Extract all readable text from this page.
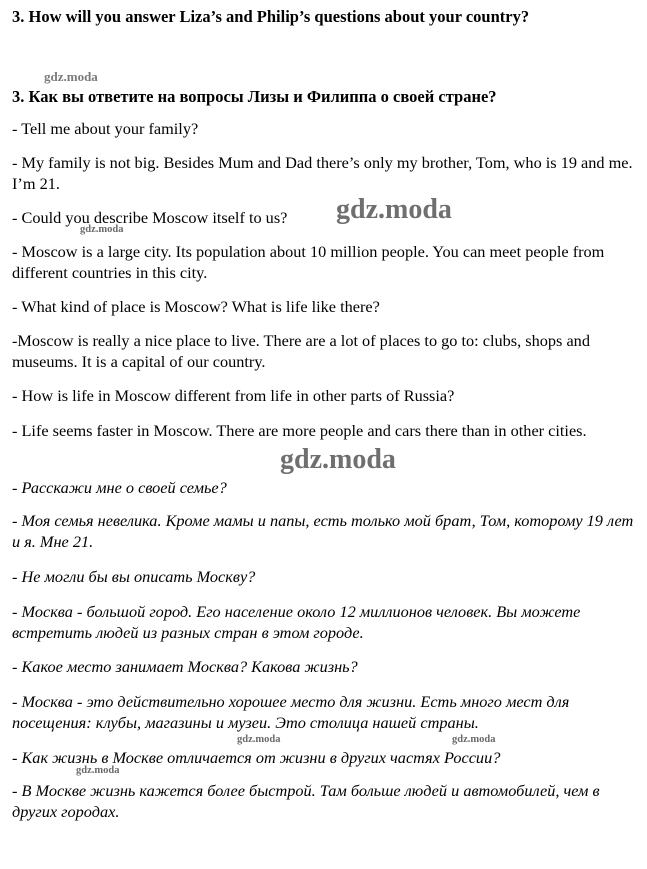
3. How will you answer Liza’s and Philip’s questions about your country?

3. Как вы ответите на вопросы Лизы и Филиппа о своей стране?

- Tell me about your family?

- My family is not big. Besides Mum and Dad there’s only my brother, Tom, who is 19 and me. I’m 21.

- Could you describe Moscow itself to us?

- Moscow is a large city. Its population about 10 million people. You can meet people from different countries in this city.

- What kind of place is Moscow? What is life like there?

-Moscow is really a nice place to live. There are a lot of places to go to: clubs, shops and museums. It is a capital of our country.

- How is life in Moscow different from life in other parts of Russia?

- Life seems faster in Moscow. There are more people and cars there than in other cities.

- Расскажи мне о своей семье?

- Моя семья невелика. Кроме мамы и папы, есть только мой брат, Том, которому 19 лет и я. Мне 21.

- Не могли бы вы описать Москву?

- Москва - большой город. Его население около 12 миллионов человек. Вы можете встретить людей из разных стран в этом городе.

- Какое место занимает Москва? Какова жизнь?

- Москва - это действительно хорошее место для жизни. Есть много мест для посещения: клубы, магазины и музеи. Это столица нашей страны.

- Как жизнь в Москве отличается от жизни в других частях России?

- В Москве жизнь кажется более быстрой. Там больше людей и автомобилей, чем в других городах.

gdz.moda
gdz.moda
gdz.moda
gdz.moda
gdz.moda	gdz.moda
gdz.moda
